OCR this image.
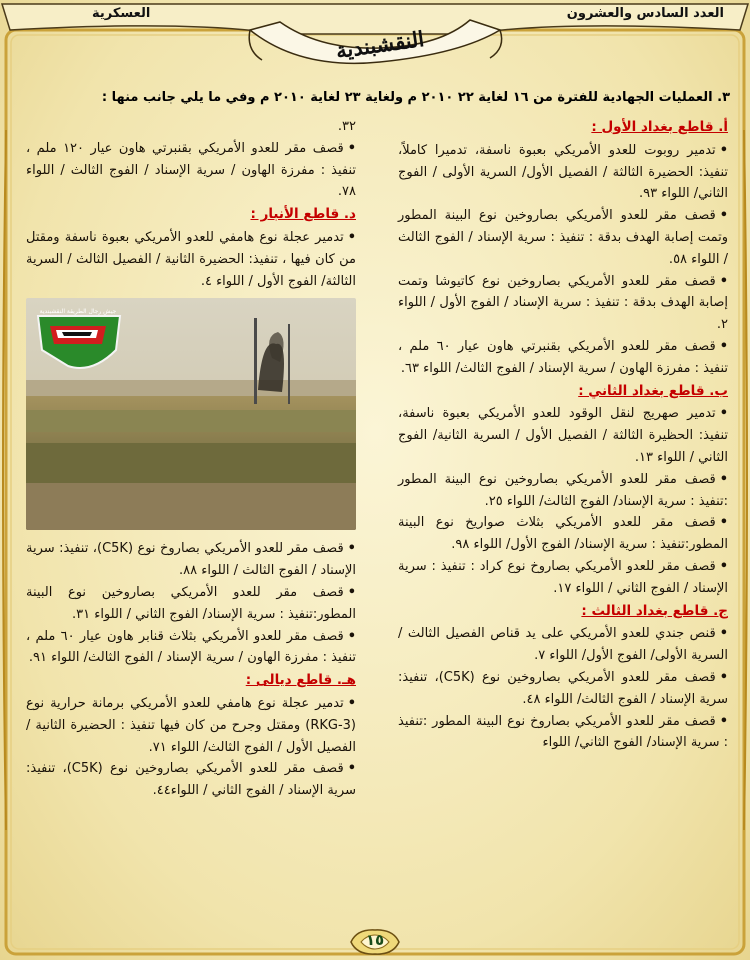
العدد السادس والعشرون
العسكرية
النقشبندية
٣. العمليات الجهادية للفترة من ١٦ لغاية ٢٢ ٢٠١٠ م ولغاية ٢٣ لغاية ٢٠١٠ م وفي ما يلي جانب منها :
أ. قاطع بغداد الأول :
•تدمير روبوت للعدو الأمريكي بعبوة ناسفة، تدميرا كاملاً، تنفيذ: الحضيرة الثالثة / الفصيل الأول/ السرية الأولى / الفوج الثاني/ اللواء ٩٣.
•قصف مقر للعدو الأمريكي بصاروخين نوع البينة المطور وتمت إصابة الهدف بدقة : تنفيذ : سرية الإسناد / الفوج الثالث / اللواء ٥٨.
•قصف مقر للعدو الأمريكي بصاروخين نوع كاتيوشا وتمت إصابة الهدف بدقة : تنفيذ : سرية الإسناد / الفوج الأول / اللواء ٢.
•قصف مقر للعدو الأمريكي بقنبرتي هاون عيار ٦٠ ملم ، تنفيذ : مفرزة الهاون / سرية الإسناد / الفوج الثالث/ اللواء ٦٣.
ب. قاطع بغداد الثاني :
•تدمير صهريج لنقل الوقود للعدو الأمريكي بعبوة ناسفة، تنفيذ: الحظيرة الثالثة / الفصيل الأول / السرية الثانية/ الفوج الثاني / اللواء ١٣.
•قصف مقر للعدو الأمريكي بصاروخين نوع البينة المطور :تنفيذ : سرية الإسناد/ الفوج الثالث/ اللواء ٢٥.
•قصف مقر للعدو الأمريكي بثلاث صواريخ نوع البينة المطور:تنفيذ : سرية الإسناد/ الفوج الأول/ اللواء ٩٨.
•قصف مقر للعدو الأمريكي بصاروخ نوع كراد : تنفيذ : سرية الإسناد / الفوج الثاني / اللواء ١٧.
ج. قاطع بغداد الثالث :
•قنص جندي للعدو الأمريكي على يد قناص الفصيل الثالث / السرية الأولى/ الفوج الأول/ اللواء ٧.
•قصف مقر للعدو الأمريكي بصاروخين نوع (C5K)، تنفيذ: سرية الإسناد / الفوج الثالث/ اللواء ٤٨.
•قصف مقر للعدو الأمريكي بصاروخ نوع البينة المطور :تنفيذ : سرية الإسناد/ الفوج الثاني/ اللواء
٣٢.
•قصف مقر للعدو الأمريكي بقنبرتي هاون عيار ١٢٠ ملم ، تنفيذ : مفرزة الهاون / سرية الإسناد / الفوج الثالث / اللواء ٧٨.
د. قاطع الأنبار :
•تدمير عجلة نوع هامفي للعدو الأمريكي بعبوة ناسفة ومقتل من كان فيها ، تنفيذ: الحضيرة الثانية / الفصيل الثالث / السرية الثالثة/ الفوج الأول / اللواء ٤.
جيش رجال الطريقة النقشبندية
•قصف مقر للعدو الأمريكي بصاروخ نوع (C5K)، تنفيذ: سرية الإسناد / الفوج الثالث / اللواء ٨٨.
•قصف مقر للعدو الأمريكي بصاروخين نوع البينة المطور:تنفيذ : سرية الإسناد/ الفوج الثاني / اللواء ٣١.
•قصف مقر للعدو الأمريكي بثلاث قنابر هاون عيار ٦٠ ملم ، تنفيذ : مفرزة الهاون / سرية الإسناد / الفوج الثالث/ اللواء ٩١.
هـ. قاطع ديالى :
•تدمير عجلة نوع هامفي للعدو الأمريكي برمانة حرارية نوع (RKG-3) ومقتل وجرح من كان فيها تنفيذ : الحضيرة الثانية / الفصيل الأول / الفوج الثالث/ اللواء ٧١.
•قصف مقر للعدو الأمريكي بصاروخين نوع (C5K)، تنفيذ: سرية الإسناد / الفوج الثاني / اللواء٤٤.
١٥
